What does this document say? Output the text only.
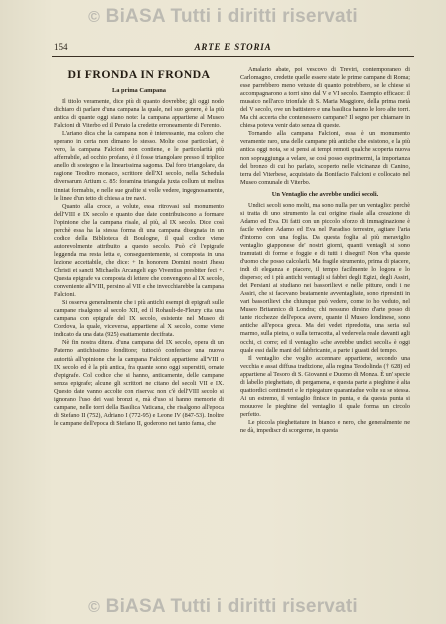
© BiASA Tutti i diritti riservati
154	ARTE E STORIA
DI FRONDA IN FRONDA
La prima Campana

Il titolo veramente, dice più di quanto dovrebbe; gli oggi nodo dichiaro di parlare d'una campana la quale, nel suo genere, è la più antica di quante oggi siano note: la campana appartiene al Museo Falcioni di Viterbo ed il Perato la credette erroneamente di Ferento.

L'ariano dica che la campana non è interessante, ma coloro che sperano in certa non dimano lo stesso. Molte cose particolari, è vero, la campana Falcioni non contiene, e le particolarità più afferrabile, ad occhio profano, è il fosse triangolare presso il triplice anello di sostegno e la linearissima sagoma. Dal foro triangolare, da ragione Teodiro monaco, scrittore dell'XI secolo, nella Schedula diversarum Artium c. 85: foramina triangula juxta collum ut melius tinniat formabis, e nelle sue grafite si volle vedere, ingegnosamente, le linee d'un tetto di chiesa a tre navi.

Quanto alla croce, a volute, essa ritrovasi sul monumento dell'VIII e IX secolo e quanto due date contribuiscono a formare l'opinione che la campana risale, al più, al IX secolo. Dice così perchè essa ha la stessa forma di una campana disegnata in un codice della Biblioteca di Boulogne, il qual codice viene autorevolmente attribuito a questo secolo. Può c'è l'epigrafe leggenda ma resta letta e, conseguentemente, si composta in una lezione accettabile, che dice: + In honorem Domini nostri Jhesu Christi et sancti Michaelis Arcangeli ego Viventius presbiter feci +. Questa epigrafe va composta di lettere che convengono al IX secolo, conveniente all'VIII, persino al VII e che invecchiarebbe la campana Falcioni.

Si osserva generalmente che i più antichi esempi di epigrafi sulle campane risalgono al secolo XII, ed il Rohault-de-Fleury cita una campana con epigrafe del IX secolo, esistente nel Museo di Cordova, la quale, viceversa, appartiene al X secolo, come viene indicato da una data (925) esattamente decifrata.

Nè fin nostra ditera. d'una campana del IX secolo, opera di un Paterno antichissimo fonditore; tuttociò conferisce una nuova autorità all'opinione che la campana Falcioni appartiene all'VIII o IX secolo ed è la più antica, fra quante sono oggi superstiti, ornate d'epigrafe. Col codice che si hanno, anticamente, delle campane senza epigrafe; alcune gli scrittori ne citano del secoli VII e IX. Questo date vanno accolte con riserva: non c'è dell'VIII secolo si ignorano l'uso dei vasi bronzi e, mà d'uso si hanno memorie di campane, nelle torri della Basilica Vaticana, che risalgono all'epoca di Stefano II (752), Adriano I (772-95) e Leone IV (847-53). Inoltre le campane dell'epoca di Stefano II, goderono nei tanto fama, che

Amalario abate, poi vescovo di Treviri, contemporaneo di Carlomagno, credette quelle essere state le prime campane di Roma; esse parrebbero meno vetuste di quanto potrebbero, se le chiese si accompagnarono a torri sino dal V e VI secolo. Esempio efficace: il musaico nell'arco trionfale di S. Maria Maggiore, della prima metà del V secolo, ove un battistero e una basilica hanno le loro alte torri. Ma chi accerta che contenessero campane? Il segno per chiamare in chiesa poteva venir dato senza di queste.

Tornando alla campana Falcioni, essa è un monumento veramente raro, una delle campane più antiche che esistono, e la più antica oggi nota, se si pensi ai tempi remoti qualche scoperta nuova non sopraggiunga a velare, se così posso esprimermi, la importanza del bronzo di cui ho parlato, scoperto nelle vicinanze di Canino, terra del Viterbese, acquistato da Bonifacio Falcioni e collocato nel Museo comunale di Viterbo.

Un Ventaglio che avrebbe undici secoli.

Undici secoli sono molti, ma sono nulla per un ventaglio: perchè si tratta di uno strumento la cui origine risale alla creazione di Adamo ed Eva. Di fatti con un piccolo sforzo di immaginazione è facile vedere Adamo ed Eva nel Paradiso terrestre, agitare l'aria d'intorno con una foglia. Da questa foglia al più meraviglio ventaglio giapponese de' nostri giorni, quanti ventagli si sono tramutati di forme e foggie e di tutti i disegni! Non v'ha queste d'uomo che posso calcolarli. Ma fragile strumento, prima di piacere, indi di eleganza e piacere, il tempo facilmente lo logora e lo disperso; ed i più antichi ventagli si fabbri degli Egizi, degli Assiri, dei Persiani ai studiano nei bassorilievi e nelle pitture, ondi i ne Assiri, che si facevano beatamente avventagliate, sono ripresinti in vari bassorilievi che chiunque può vedere, come io ho veduto, nel Museo Britannico di Londra; chi nessuno dirsino d'arte posso di tante ricchezze dell'epoca avere, quante il Museo londinese, sono antiche all'epoca greca. Ma dei vedet ripredotta, una seria sul marmo, sulla pietra, o sulla terracotta, al vedervela reale davanti agli occhi, ci corre; ed il ventaglio «che avrebbe undici secoli» è oggi quale essi dalle mani del fabbricante, a parte i guasti del tempo.

Il ventaglio che voglio accennare appartiene, secondo una vecchia e assai diffusa tradizione, alla regina Teodolinda († 628) ed appartiene al Tesoro di S. Giovanni e Duomo di Monza. È un' specie di labello pieghettato, di pergamena, e questa parte a pieghine è alta quattordici centimetri e le ripiegature quarantadue volte su se stessa. Ai un estremo, il ventaglio finisce in punta, e da questa punta si mouuove le pieghine del ventaglio il quale forma un circolo perfetto.

Le piccola pieghettature in bianco e nero, che generalmente ne ne dà, impediscr di scorgerne, in questa

© BiASA Tutti i diritti riservati
